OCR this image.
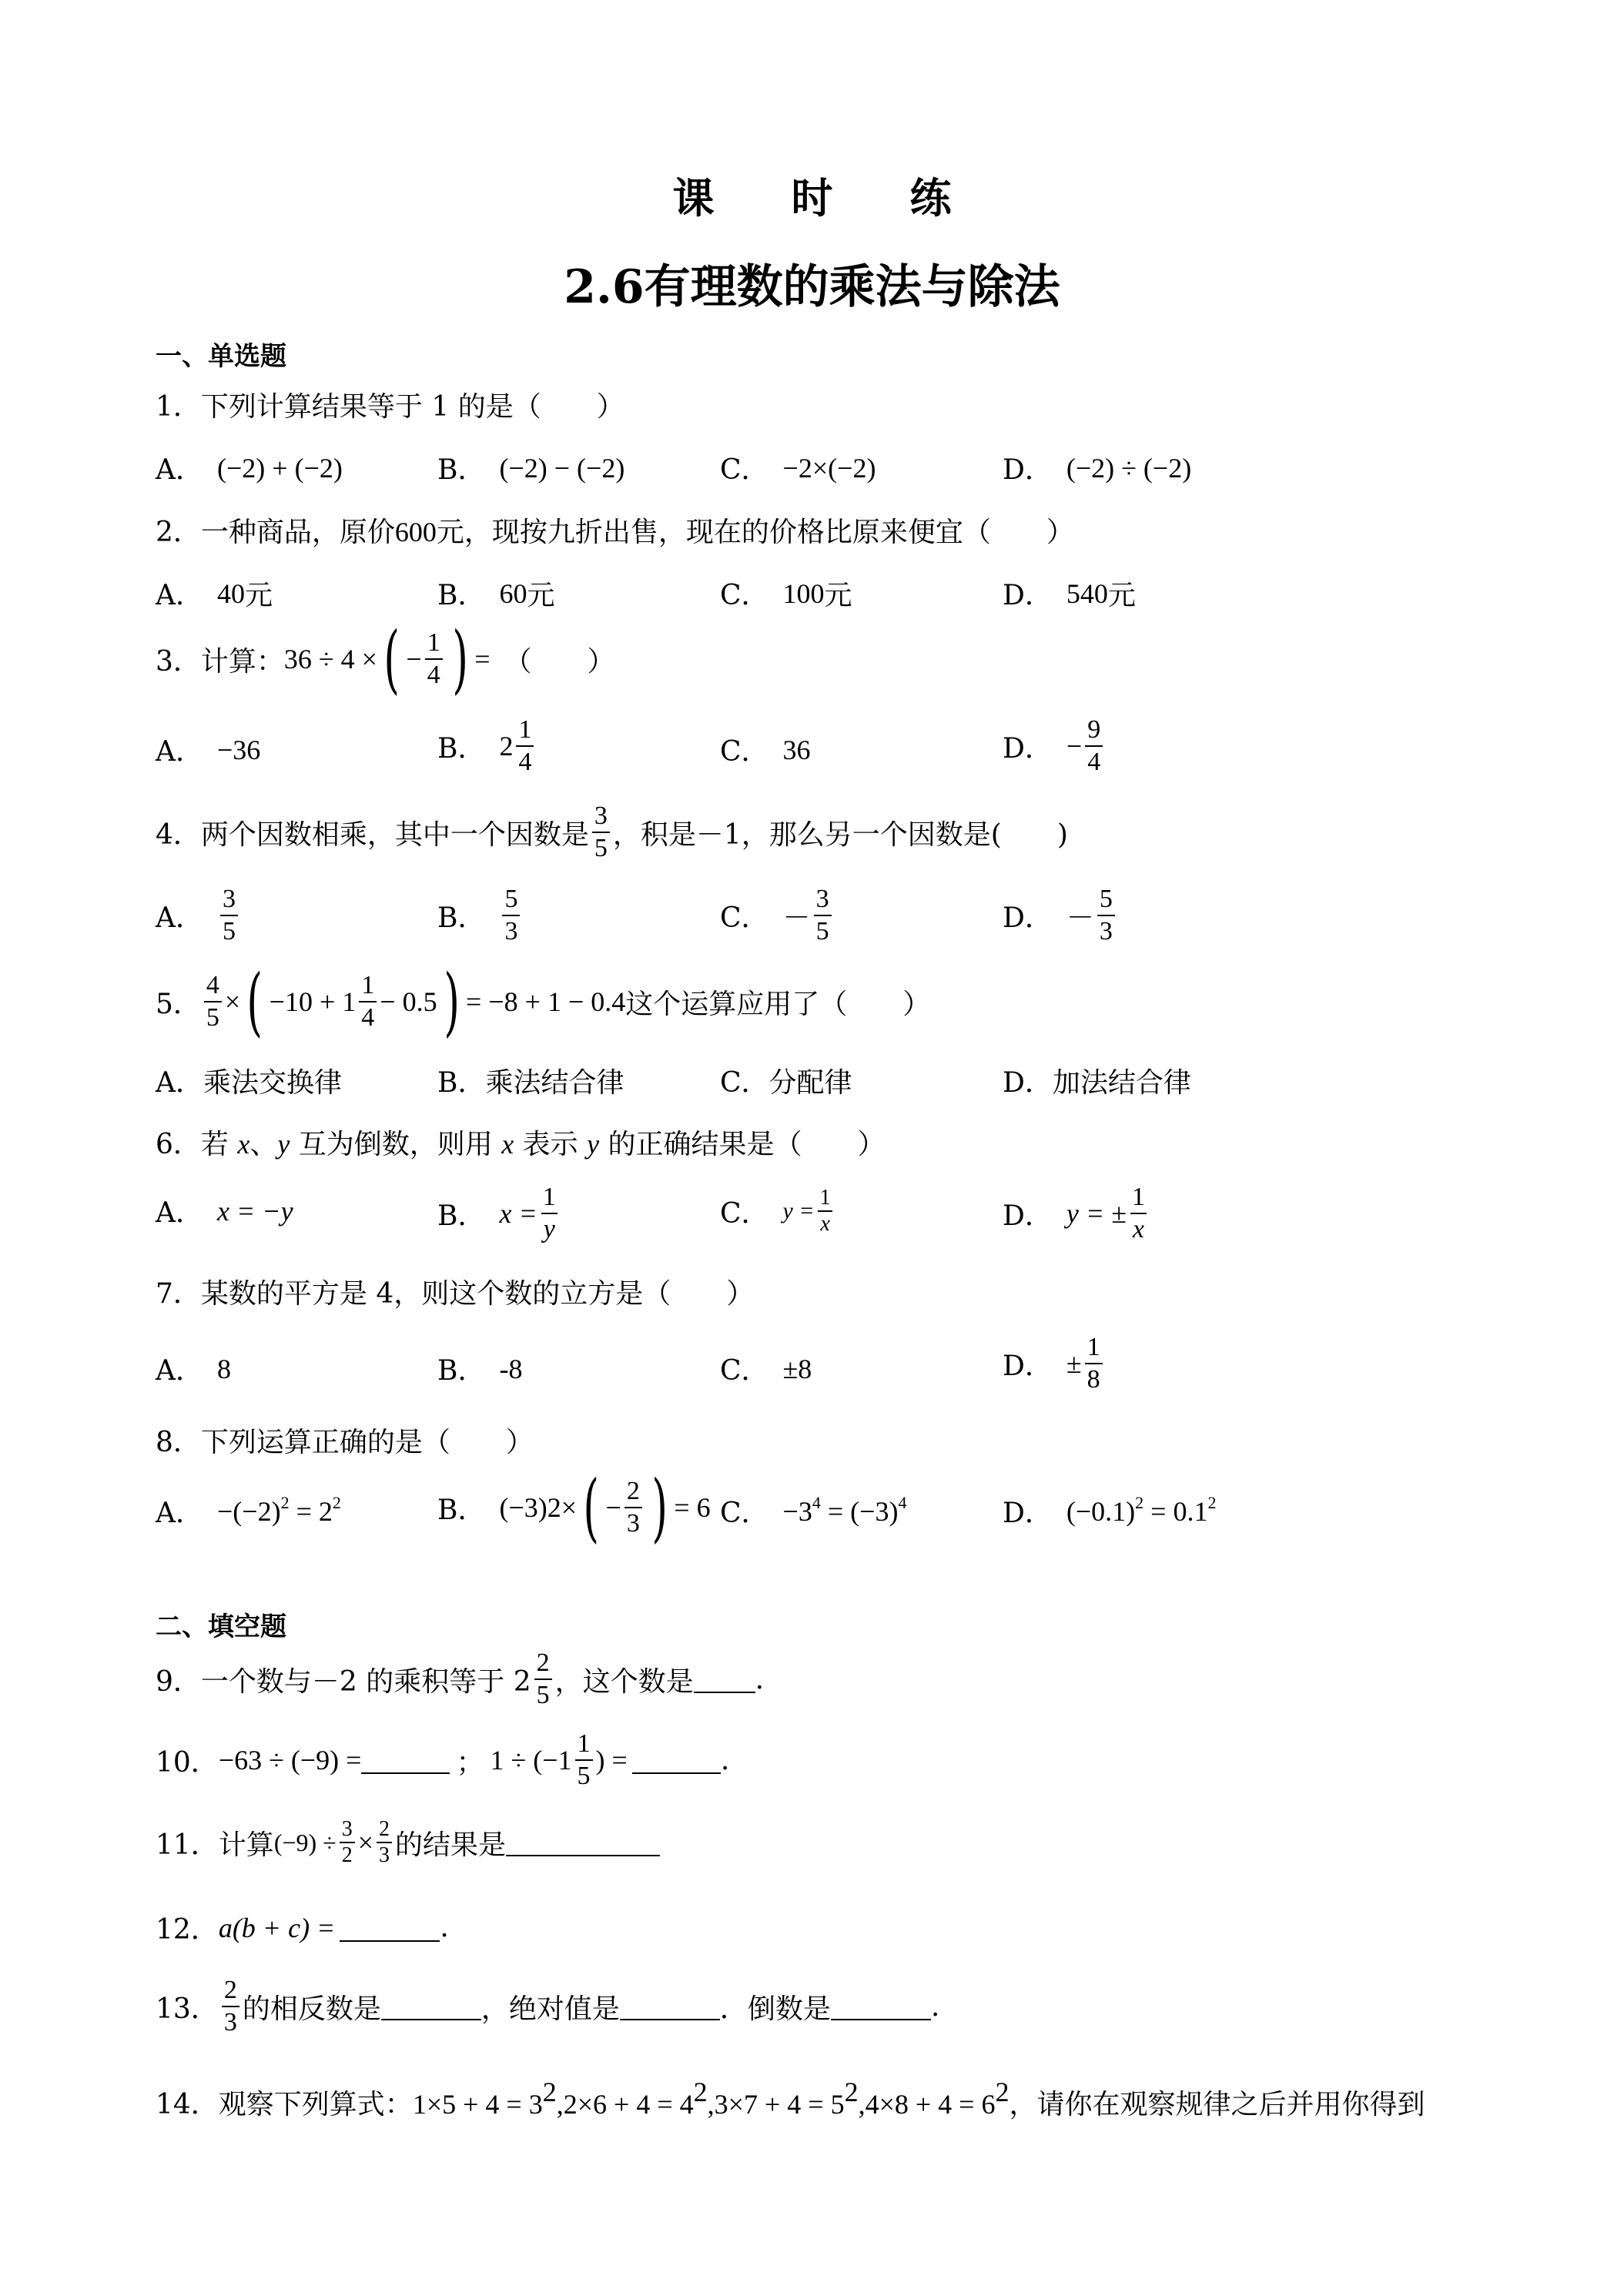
课 时 练
2.6有理数的乘法与除法
一、单选题
1．下列计算结果等于 1 的是（　　）
A． (−2) + (−2)	B． (−2) − (−2)	C． −2×(−2)	D． (−2) ÷ (−2)
2．一种商品，原价600元，现按九折出售，现在的价格比原来便宜（　　）
A． 40 元	B． 60 元	C． 100 元	D． 540 元
3．计算： 36 ÷ 4 × ( − $\frac{1}{4}$ ) = （　　）
A． −36	B． $2 \frac{1}{4}$	C． 36	D． − $\frac{9}{4}$
4．两个因数相乘，其中一个因数是 $\frac{3}{5}$ ，积是－1，那么另一个因数是(　　)
A． $\frac{3}{5}$	B． $\frac{5}{3}$	C． － $\frac{3}{5}$	D． － $\frac{5}{3}$
5． $\frac{4}{5}$ × ( $-10 + 1 \frac{1}{4} - 0.5$ ) = −8 + 1 − 0.4 这个运算应用了（　　）
A．乘法交换律	B．乘法结合律	C．分配律	D．加法结合律
6．若 x、y 互为倒数，则用 x 表示 y 的正确结果是（　　）
A． x = −y	B． $x = \frac{1}{y}$	C． $y = \frac{1}{x}$	D． y = ± $\frac{1}{x}$
7．某数的平方是 4，则这个数的立方是（　　）
A． 8	B． -8	C． ±8	D． ± $\frac{1}{8}$
8．下列运算正确的是（　　）
A． $-(-2)^2 = 2^2$	B． (−3) 2 × ( − $\frac{2}{3}$ ) = 6 C． $-3^4 = (-3)^4$	D． $(-0.1)^2 = 0.1^2$
二、填空题
9．一个数与－2 的乘积等于 $2 \frac{2}{5}$ ，这个数是 .
10． −63 ÷ (−9) =	； $1 \div (-1 \frac{1}{5}$ ) =	.
11．计算 $(-9) \div \frac{3}{2} \times \frac{2}{3}$ 的结果是
12． a(b + c) =	.
13． $\frac{2}{3}$ 的相反数是	，绝对值是	．倒数是	.
14．观察下列算式：$1\times 5 + 4 = 3^2,2\times 6 + 4 = 4^2,3\times 7 + 4 = 5^2,4\times 8 + 4 = 6^2$，请你在观察规律之后并用你得到
